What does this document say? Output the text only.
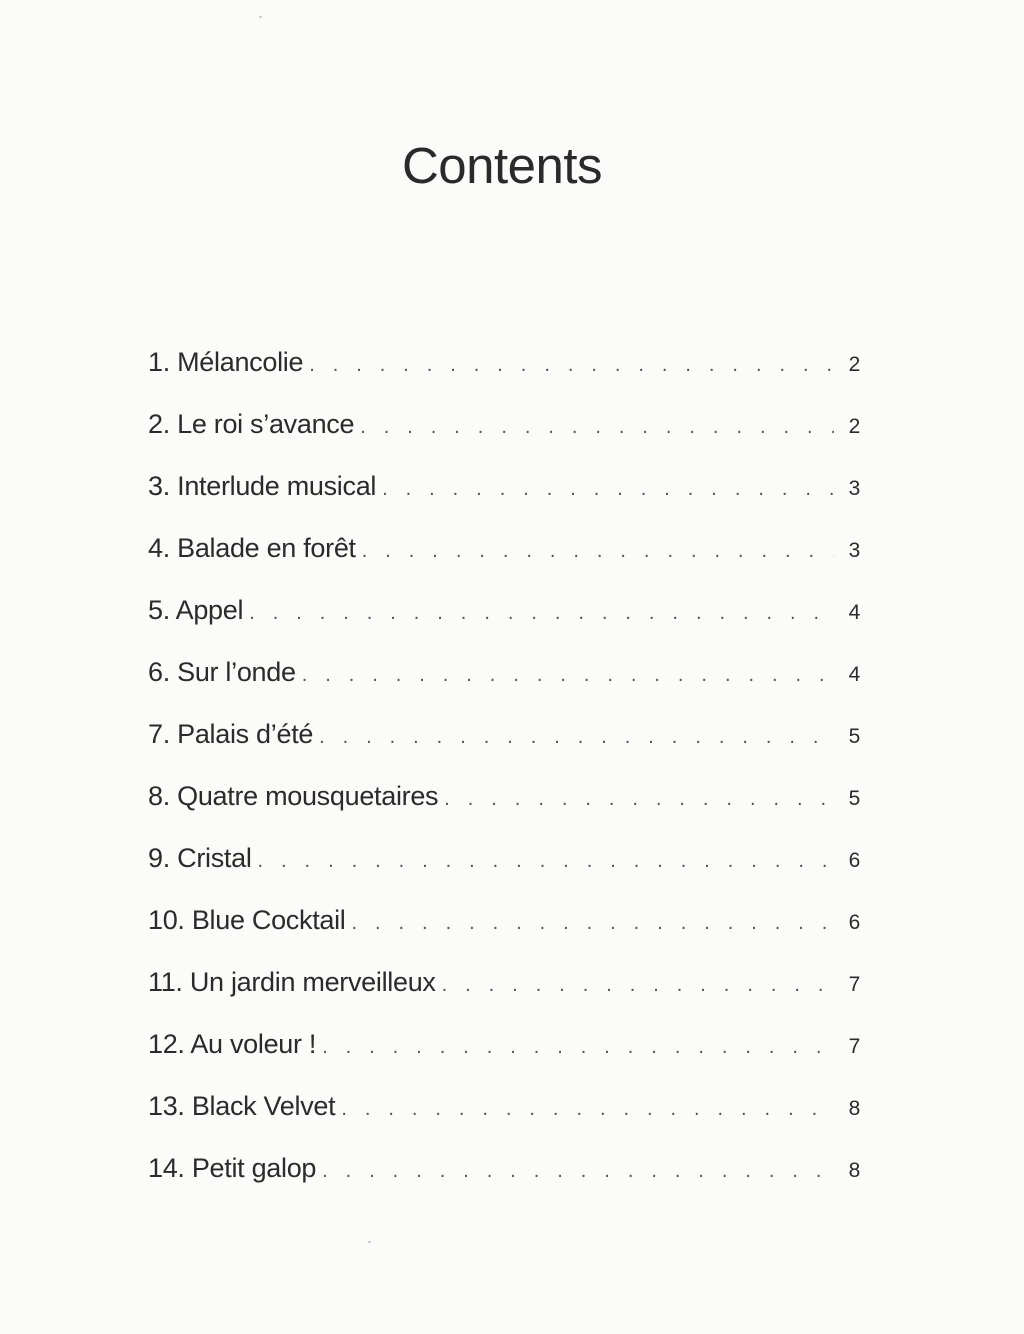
Contents
1. Mélancolie . . .	2
2. Le roi s’avance . . .	2
3. Interlude musical . . .	3
4. Balade en forêt . . .	3
5. Appel . . .	4
6. Sur l’onde . . .	4
7. Palais d’été . . .	5
8. Quatre mousquetaires . . .	5
9. Cristal . . .	6
10. Blue Cocktail . . .	6
11. Un jardin merveilleux . . .	7
12. Au voleur ! . . .	7
13. Black Velvet . . .	8
14. Petit galop . . .	8
